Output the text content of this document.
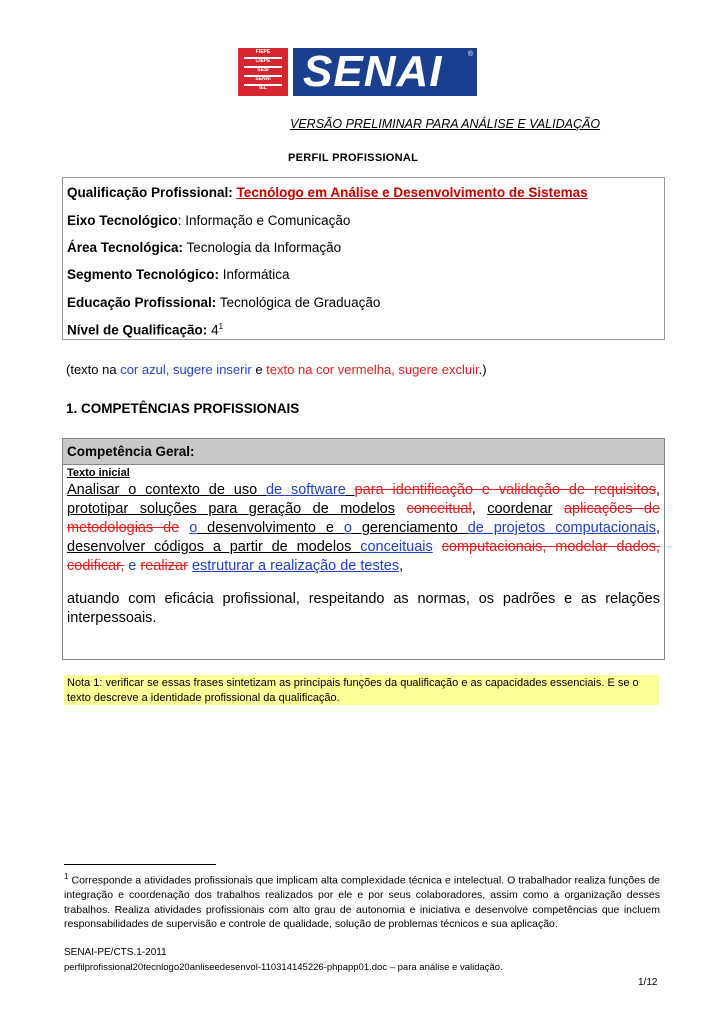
FIEPE
CIEPE
SESI
SENAI
IEL SENAI	®
VERSÃO PRELIMINAR PARA ANÁLISE E VALIDAÇÃO
PERFIL PROFISSIONAL
Qualificação Profissional: Tecnólogo em Análise e Desenvolvimento de Sistemas
Eixo Tecnológico: Informação e Comunicação
Área Tecnológica: Tecnologia da Informação
Segmento Tecnológico: Informática
Educação Profissional: Tecnológica de Graduação
Nível de Qualificação: $4^1$
(texto na cor azul, sugere inserir e texto na cor vermelha, sugere excluir.)
1. COMPETÊNCIAS PROFISSIONAIS
Competência Geral:
Texto inicial
Analisar o contexto de uso de software para identificação e validação de requisitos, prototipar soluções para geração de modelos conceitual, coordenar aplicações de metodologias de o desenvolvimento e o gerenciamento de projetos computacionais, desenvolver códigos a partir de modelos conceituais computacionais, modelar dados, codificar, e realizar estruturar a realização de testes,
atuando com eficácia profissional, respeitando as normas, os padrões e as relações interpessoais.
Nota 1: verificar se essas frases sintetizam as principais funções da qualificação e as capacidades essenciais. E se o texto descreve a identidade profissional da qualificação.
$^1$ Corresponde a atividades profissionais que implicam alta complexidade técnica e intelectual. O trabalhador realiza funções de integração e coordenação dos trabalhos realizados por ele e por seus colaboradores, assim como a organização desses trabalhos. Realiza atividades profissionais com alto grau de autonomia e iniciativa e desenvolve competências que incluem responsabilidades de supervisão e controle de qualidade, solução de problemas técnicos e sua aplicação.
SENAI-PE/CTS.1-2011
perfilprofissional20tecnlogo20anliseedesenvol-110314145226-phpapp01.doc – para análise e validação.
1/12
